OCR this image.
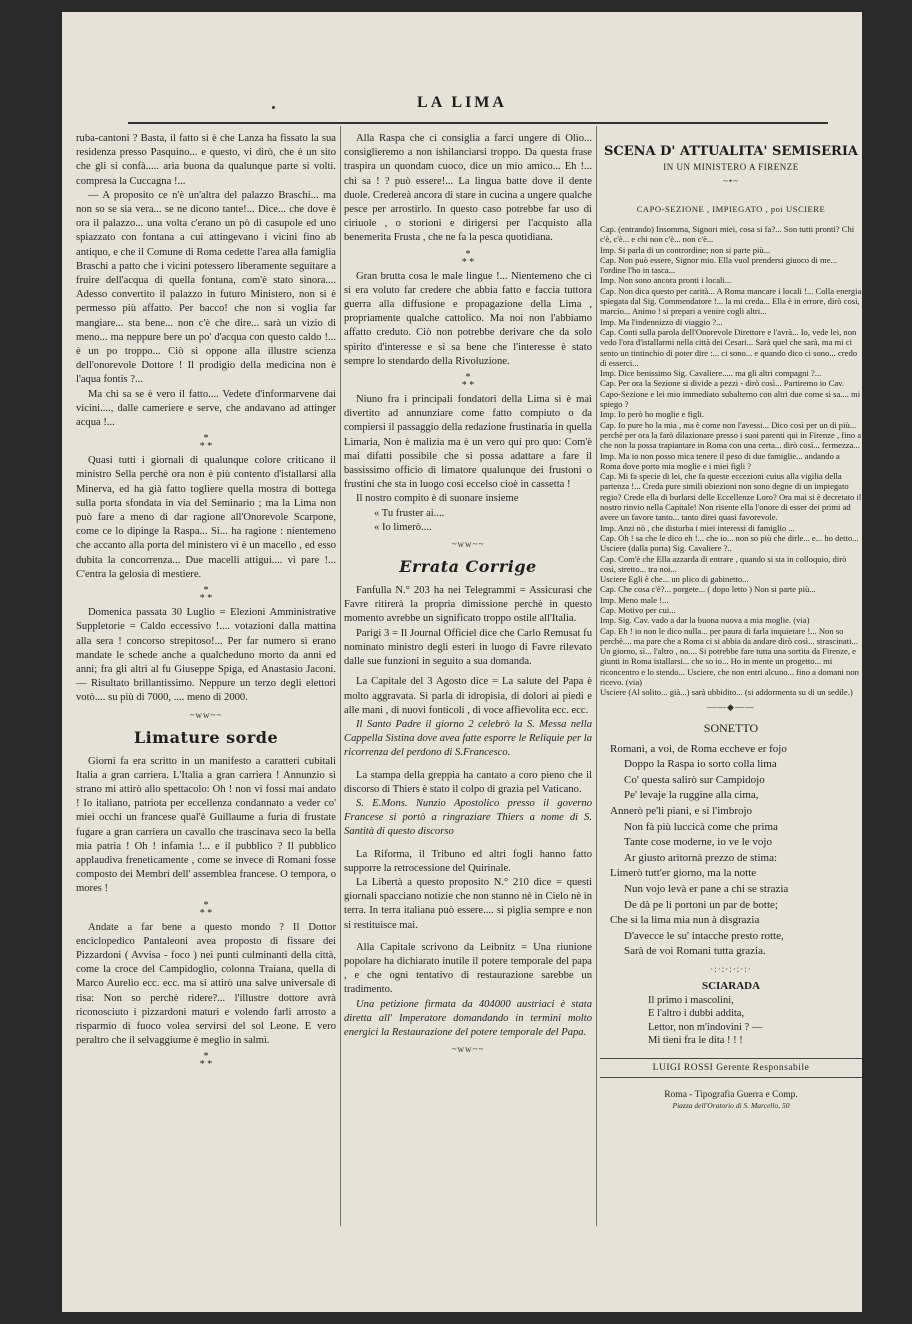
LA LIMA

ruba-cantoni ? Basta, il fatto si è che Lanza ha fissato la sua residenza presso Pasquino... e questo, vi dirò, che è un sito che gli si confà..... aria buona da qualunque parte si volti. compresa la Cuccagna !...

— A proposito ce n'è un'altra del palazzo Braschi... ma non so se sia vera... se ne dicono tante!... Dice... che dove è ora il palazzo... una volta c'erano un pò di casupole ed uno spiazzato con fontana a cui attingevano i vicini fino ab antiquo, e che il Comune di Roma cedette l'area alla famiglia Braschi a patto che i vicini potessero liberamente seguitare a fruire dell'acqua di quella fontana, com'è stato sinora.... Adesso convertito il palazzo in futuro Ministero, non si è permesso più affatto. Per bacco! che non si voglia far mangiare... sta bene... non c'è che dire... sarà un vizio di meno... ma neppure bere un po' d'acqua con questo caldo !... è un po troppo... Ciò si oppone alla illustre scienza dell'onorevole Dottore ! Il prodigio della medicina non è l'aqua fontis ?...

Ma chi sa se è vero il fatto.... Vedete d'informarvene dai vicini...., dalle cameriere e serve, che andavano ad attinger acqua !...

*
* *

Quasi tutti i giornali di qualunque colore criticano il ministro Sella perchè ora non è più contento d'istallarsi alla Minerva, ed ha già fatto togliere quella mostra di bottega sulla porta sfondata in via del Seminario ; ma la Lima non può fare a meno di dar ragione all'Onorevole Scarpone, come ce lo dipinge la Raspa... Si... ha ragione : nientemeno che accanto alla porta del ministero vi è un macello , ed esso dubita la concorrenza... Due macelli attigui.... vi pare !... C'entra la gelosia di mestiere.

*
* *

Domenica passata 30 Luglio = Elezioni Amministrative Suppletorie = Caldo eccessivo !.... votazioni dalla mattina alla sera ! concorso strepitoso!... Per far numero si erano mandate le schede anche a qualcheduno morto da anni ed anni; fra gli altri al fu Giuseppe Spiga, ed Anastasio Jaconi. — Risultato brillantissimo. Neppure un terzo degli elettori votò.... su più di 7000, .... meno di 2000.

~ww~~
Limature sorde

Giorni fa era scritto in un manifesto a caratteri cubitali Italia a gran carriera. L'Italia a gran carriera ! Annunzio sì strano mi attirò allo spettacolo: Oh ! non vi fossi mai andato ! Io italiano, patriota per eccellenza condannato a veder co' miei occhi un francese qual'è Guillaume a furia di frustate fugare a gran carriera un cavallo che trascinava seco la bella mia patria ! Oh ! infamia !... e il pubblico ? Il pubblico applaudiva freneticamente , come se invece di Romani fosse composto dei Membri dell' assemblea francese. O tempora, o mores !

*
* *

Andate a far bene a questo mondo ? Il Dottor enciclopedico Pantaleoni avea proposto di fissare dei Pizzardoni ( Avvisa - foco ) nei punti culminanti della città, come la croce del Campidoglio, colonna Traiana, quella di Marco Aurelio ecc. ecc. ma si attirò una salve universale di risa: Non so perchè ridere?... l'illustre dottore avrà riconosciuto i pizzardoni maturi e volendo farli arrosto a risparmio di fuoco volea servirsi del sol Leone. E vero peraltro che il selvaggiume è meglio in salmì.

*
* *

Alla Raspa che ci consiglia a farci ungere di Olio... consiglieremo a non ishilanciarsi troppo. Da questa frase traspira un quondam cuoco, dice un mio amico... Eh !... chi sa ! ? può essere!... La lingua batte dove il dente duole. Credereà ancora di stare in cucina a ungere qualche pesce per arrostirlo. In questo caso potrebbe far uso di ciriuole , o storioni e dirigersi per l'acquisto alla benemerita Frusta , che ne fa la pesca quotidiana.

*
* *

Gran brutta cosa le male lingue !... Nientemeno che ci si era voluto far credere che abbia fatto e faccia tuttora guerra alla diffusione e propagazione della Lima , propriamente qualche cattolico. Ma noi non l'abbiamo affatto creduto. Ciò non potrebbe derivare che da solo spirito d'interesse e si sa bene che l'interesse è stato sempre lo stendardo della Rivoluzione.

*
* *

Niuno fra i principali fondatori della Lima si è mai divertito ad annunziare come fatto compiuto o da compiersi il passaggio della redazione frustinaria in quella Limaria, Non è malizia ma è un vero qui pro quo: Com'è mai difatti possibile che si possa adattare a fare il bassissimo officio di limatore qualunque dei frustoni o frustini che sta in luogo così eccelso cioè in cassetta !

Il nostro compito è di suonare insieme

« Tu fruster ai....

« Io limerò....

~ww~~
Errata Corrige

Fanfulla N.° 203 ha nei Telegrammi = Assicurasi che Favre ritirerà la propria dimissione perchè in questo momento avrebbe un significato troppo ostile all'Italia.

Parigi 3 = Il Journal Officiel dice che Carlo Remusat fu nominato ministro degli esteri in luogo di Favre rilevato dalle sue funzioni in seguito a sua domanda.

La Capitale del 3 Agosto dice = La salute del Papa è molto aggravata. Si parla di idropisia, di dolori ai piedi e alle mani , di nuovi fonticoli , di voce affievolita ecc. ecc.

Il Santo Padre il giorno 2 celebrò la S. Messa nella Cappella Sistina dove avea fatte esporre le Reliquie per la ricorrenza del perdono di S.Francesco.

La stampa della greppia ha cantato a coro pieno che il discorso di Thiers è stato il colpo di grazia pel Vaticano.

S. E.Mons. Nunzio Apostolico presso il governo Francese si portò a ringraziare Thiers a nome di S. Santità di questo discorso

La Riforma, il Tribuno ed altri fogli hanno fatto supporre la retrocessione del Quirinale.

La Libertà a questo proposito N.° 210 dice = questi giornali spacciano notizie che non stanno nè in Cielo nè in terra. In terra italiana può essere.... si piglia sempre e non si restituisce mai.

Alla Capitale scrivono da Leibnitz = Una riunione popolare ha dichiarato inutile il potere temporale del papa , e che ogni tentativo di restaurazione sarebbe un tradimento.

Una petizione firmata da 404000 austriaci è stata diretta all' Imperatore domandando in termini molto energici la Restaurazione del potere temporale del Papa.

~ww~~
SCENA D' ATTUALITA' SEMISERIA
IN UN MINISTERO A FIRENZE
~•~
CAPO-SEZIONE , IMPIEGATO , poi USCIERE

Cap. (entrando) Insomma, Signori miei, cosa si fa?... Son tutti pronti? Chi c'è, c'è... e chi non c'è... non c'è...

Imp. Si parla di un contrordine; non si parte più...

Cap. Non può essere, Signor mio. Ella vuol prendersi giuoco di me... l'ordine l'ho in tasca...

Imp. Non sono ancora pronti i locali...

Cap. Non dica questo per carità... A Roma mancare i locali !... Colla energia spiegata dal Sig. Commendatore !... la mi creda... Ella è in errore, dirò così, marcio... Animo ! si prepari a venire cogli altri...

Imp. Ma l'indennizzo di viaggio ?...

Cap. Conti sulla parola dell'Onorevole Direttore e l'avrà... Io, vede lei, non vedo l'ora d'istallarmi nella città dei Cesari... Sarà quel che sarà, ma mi ci sento un tintinchio di poter dire :... ci sono... e quando dico ci sono... credo di esserci...

Imp. Dice benissimo Sig. Cavaliere..... ma gli altri compagni ?...

Cap. Per ora la Sezione si divide a pezzi - dirò così... Partiremo io Cav. Capo-Sezione e lei mio immediato subalterno con altri due come si sa.... mi spiego ?

Imp. Io però ho moglie e figli.

Cap. Io pure ho la mia , ma è come non l'avessi... Dico così per un di più... perchè per ora la farò dilazionare presso i suoi parenti qui in Firenze , fino a che non la possa trapiantare in Roma con una certa... dirò così... fermezza...

Imp. Ma io non posso mica tenere il peso di due famiglie... andando a Roma dove porto mia moglie e i miei figli ?

Cap. Mi fa specie di lei, che fa queste eccezioni cuius alla vigilia della partenza !... Creda pure simili obiezioni non sono degne di un impiegato regio? Crede ella di burlarsi delle Eccellenze Loro? Ora mai si è decretato il nostro rinvio nella Capitale! Non risente ella l'onore di esser dei primi ad avere un favore tanto... tanto direi quasi favorevole.

Imp. Anzi nò , che disturba i miei interessi di famiglio ...

Cap. Oh ! sa che le dico eh !... che io... non so più che dirle... e... ho detto...

Usciere (dalla porta) Sig. Cavaliere ?..

Cap. Com'è che Ella azzarda di entrare , quando si sta in colloquio, dirò così, stretto... tra noi...

Usciere Egli è che... un plico di gabinetto...

Cap. Che cosa c'è?... porgete... ( dopo letto ) Non si parte più...

Imp. Meno male !...

Cap. Motivo per cui...

Imp. Sig. Cav. vado a dar la buona nuova a mia moglie. (via)

Cap. Eh ! io non le dico nulla... per paura di farla inquietare !... Non so perchè.... ma pare che a Roma ci si abbia da andare dirò così... strascinati... Un giorno, sì... l'altro , no.... Si potrebbe fare tutta una sortita da Firenze, e giunti in Roma istallarsi... che so io... Ho in mente un progetto... mi riconcentro e lo stendo... Usciere, che non entri alcuno... fino a domani non ricevo. (via)

Usciere (Al solito... già...) sarà ubbidito... (si addormenta su di un sedile.)

——◆——
SONETTO

Romani, a voi, de Roma eccheve er fojo

Doppo la Raspa io sorto colla lima

Co' questa salirò sur Campidojo

Pe' levaje la ruggine alla cima,

Annerò pe'li piani, e si l'imbrojo

Non fà più luccicà come che prima

Tante cose moderne, io ve le vojo

Ar giusto aritornà prezzo de stima:

Limerò tutt'er giorno, ma la notte

Nun vojo levà er pane a chi se strazia

De dà pe li portoni un par de botte;

Che si la lima mia nun à disgrazia

D'avecce le su' intacche presto rotte,

Sarà de voi Romani tutta grazia.

·:·:·:·:·:·
SCIARADA

Il primo i mascolini,

E l'altro i dubbi addita,

Lettor, non m'indovini ? —

Mi tieni fra le dita ! ! !

LUIGI ROSSI Gerente Responsabile
Roma - Tipografia Guerra e Comp.
Piazza dell'Oratorio di S. Marcello, 50
